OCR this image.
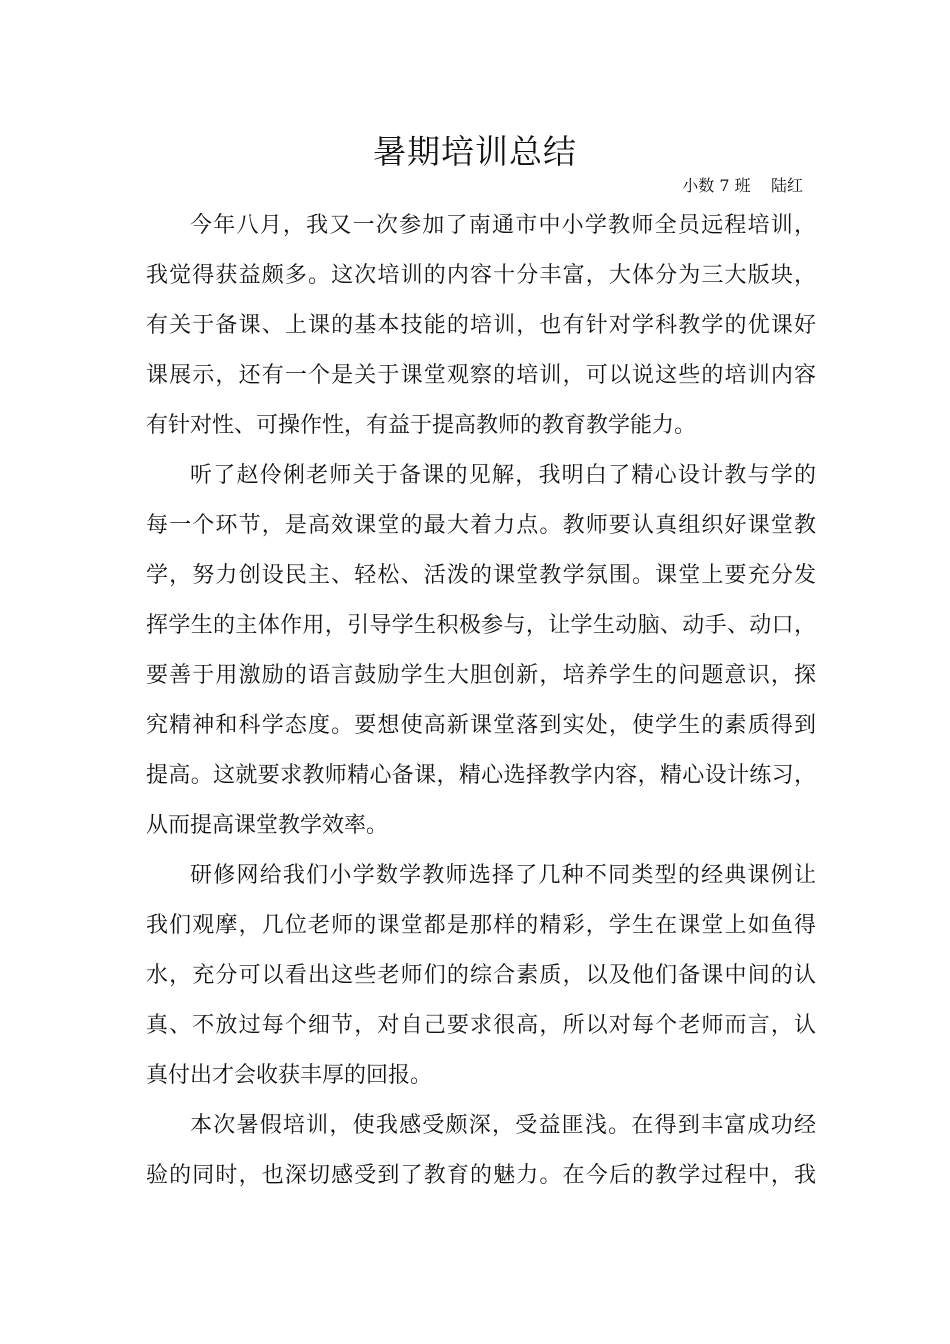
暑期培训总结
小数 7 班    陆红
今年八月，我又一次参加了南通市中小学教师全员远程培训，
我觉得获益颇多。这次培训的内容十分丰富，大体分为三大版块，
有关于备课、上课的基本技能的培训，也有针对学科教学的优课好
课展示，还有一个是关于课堂观察的培训，可以说这些的培训内容
有针对性、可操作性，有益于提高教师的教育教学能力。
听了赵伶俐老师关于备课的见解，我明白了精心设计教与学的
每一个环节，是高效课堂的最大着力点。教师要认真组织好课堂教
学，努力创设民主、轻松、活泼的课堂教学氛围。课堂上要充分发
挥学生的主体作用，引导学生积极参与，让学生动脑、动手、动口，
要善于用激励的语言鼓励学生大胆创新，培养学生的问题意识，探
究精神和科学态度。要想使高新课堂落到实处，使学生的素质得到
提高。这就要求教师精心备课，精心选择教学内容，精心设计练习，
从而提高课堂教学效率。
研修网给我们小学数学教师选择了几种不同类型的经典课例让
我们观摩，几位老师的课堂都是那样的精彩，学生在课堂上如鱼得
水，充分可以看出这些老师们的综合素质，以及他们备课中间的认
真、不放过每个细节，对自己要求很高，所以对每个老师而言，认
真付出才会收获丰厚的回报。
本次暑假培训，使我感受颇深，受益匪浅。在得到丰富成功经
验的同时，也深切感受到了教育的魅力。在今后的教学过程中，我
